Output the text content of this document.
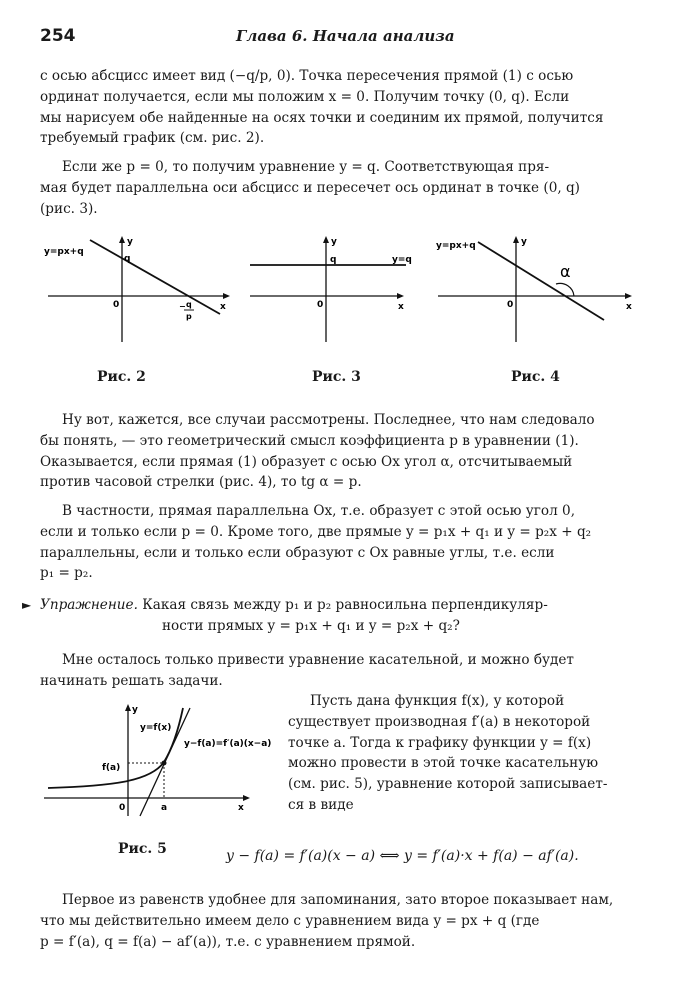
254	Глава 6. Начала анализа
с осью абсцисс имеет вид (−q/p, 0). Точка пересечения прямой (1) с осью
ординат получается, если мы положим x = 0. Получим точку (0, q). Если
мы нарисуем обе найденные на осях точки и соединим их прямой, получится
требуемый график (см. рис. 2).
Если же p = 0, то получим уравнение y = q. Соответствующая пря-
мая будет параллельна оси абсцисс и пересечет ось ординат в точке (0, q)
(рис. 3).
y=px+q
y
x
0
q
− q
p
Рис. 2
y
y=q
q
x
0
Рис. 3
y=px+q	y
α
x
0
Рис. 4
Ну вот, кажется, все случаи рассмотрены. Последнее, что нам следовало
бы понять, — это геометрический смысл коэффициента p в уравнении (1).
Оказывается, если прямая (1) образует с осью Ox угол α, отсчитываемый
против часовой стрелки (рис. 4), то tg α = p.
В частности, прямая параллельна Ox, т.е. образует с этой осью угол 0,
если и только если p = 0. Кроме того, две прямые y = p₁x + q₁ и y = p₂x + q₂
параллельны, если и только если образуют с Ox равные углы, т.е. если
p₁ = p₂.
► Упражнение. Какая связь между p₁ и p₂ равносильна перпендикуляр-
ности прямых y = p₁x + q₁ и y = p₂x + q₂?
Мне осталось только привести уравнение касательной, и можно будет
начинать решать задачи.
y
y=f(x)
y−f(a)=f′(a)(x−a)
f(a)
0	a	x
Рис. 5
Пусть дана функция f(x), у которой
существует производная f′(a) в некоторой
точке a. Тогда к графику функции y = f(x)
можно провести в этой точке касательную
(см. рис. 5), уравнение которой записывает-
ся в виде
y − f(a) = f′(a)(x − a) ⟺ y = f′(a)·x + f(a) − af′(a).
Первое из равенств удобнее для запоминания, зато второе показывает нам,
что мы действительно имеем дело с уравнением вида y = px + q (где
p = f′(a), q = f(a) − af′(a)), т.е. с уравнением прямой.
